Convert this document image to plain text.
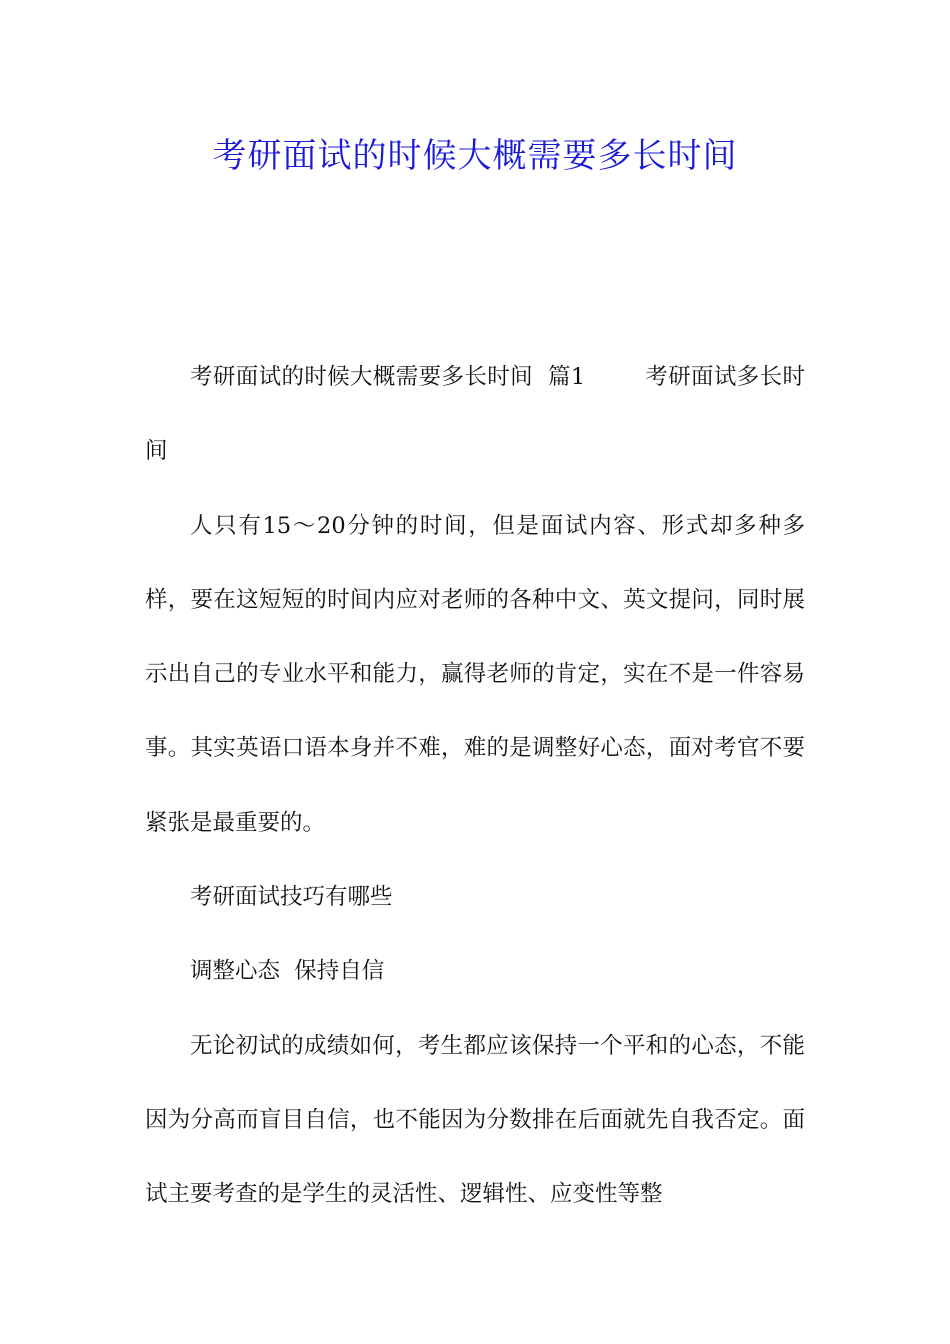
考研面试的时候大概需要多长时间

考研面试的时候大概需要多长时间  篇1        考研面试多长时间

人只有15～20分钟的时间，但是面试内容、形式却多种多样，要在这短短的时间内应对老师的各种中文、英文提问，同时展示出自己的专业水平和能力，赢得老师的肯定，实在不是一件容易事。其实英语口语本身并不难，难的是调整好心态，面对考官不要紧张是最重要的。

考研面试技巧有哪些

调整心态  保持自信

无论初试的成绩如何，考生都应该保持一个平和的心态，不能因为分高而盲目自信，也不能因为分数排在后面就先自我否定。面试主要考查的是学生的灵活性、逻辑性、应变性等整
